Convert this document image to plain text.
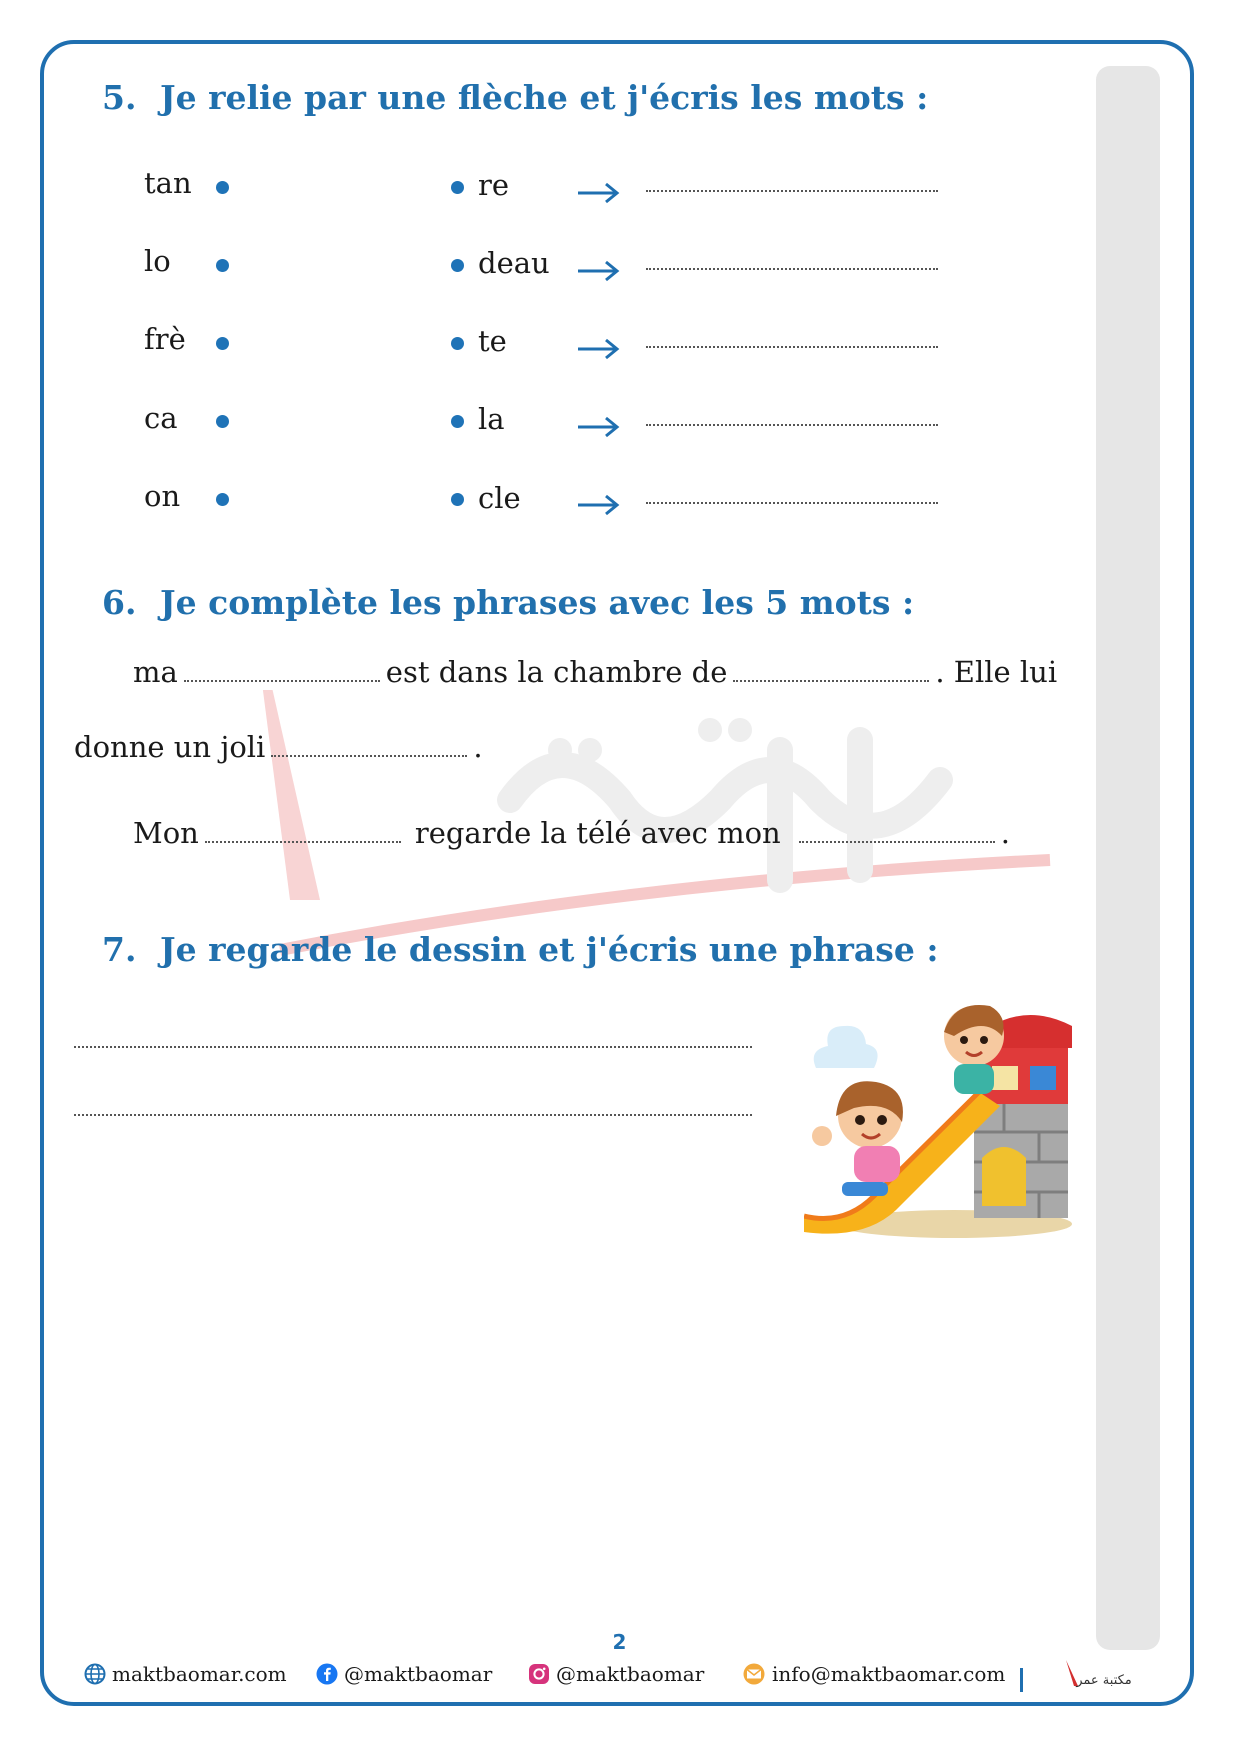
5. Je relie par une flèche et j'écris les mots :
tan	re
lo	deau
frè	te
ca	la
on	cle
6. Je complète les phrases avec les 5 mots :
ma	est dans la chambre de	. Elle lui
donne un joli	.
Mon	regarde la télé avec mon	.
7. Je regarde le dessin et j'écris une phrase :
2
maktbaomar.com	@maktbaomar	@maktbaomar	info@maktbaomar.com	مكتبة عمر
